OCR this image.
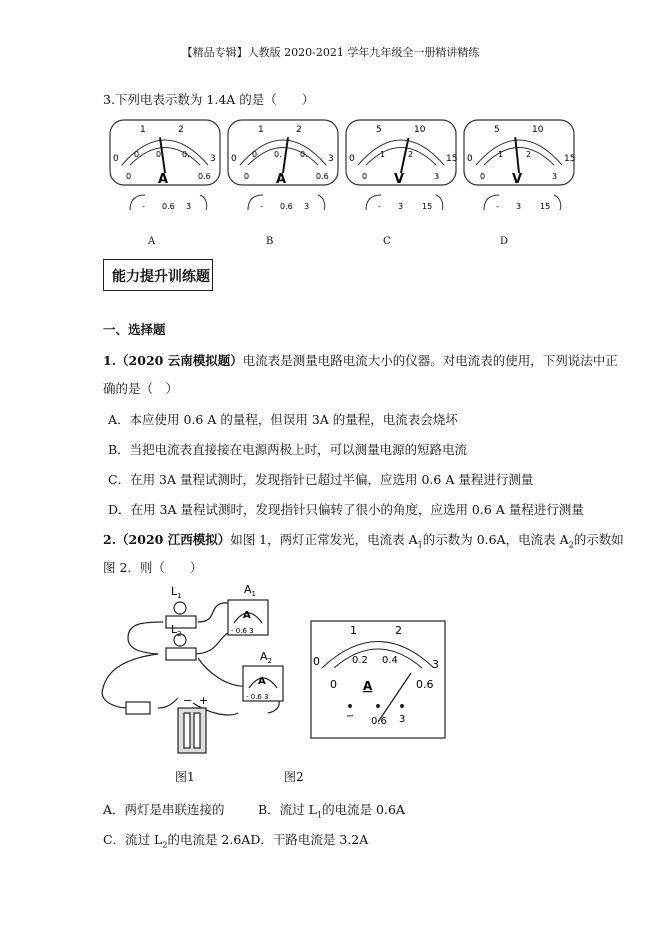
【精品专辑】人教版 2020-2021 学年九年级全一册精讲精练
3.下列电表示数为 1.4A 的是（　　）
1	2
0. 0. 0.
0	3
0	0.6
A
- 0.6 3
1	2
0. 0. 0.
0	3
0	0.6
A
- 0.6 3
5	10
1	2
0	15
0	3
V
- 3 15
5	10
1	2
0	15
0	3
V
- 3 15
A	B	C	D
能力提升训练题
一、选择题
1.（2020 云南模拟题）电流表是测量电路电流大小的仪器。对电流表的使用，下列说法中正
确的是（　）
A．本应使用 0.6 A 的量程，但误用 3A 的量程，电流表会烧坏
B．当把电流表直接接在电源两极上时，可以测量电源的短路电流
C．在用 3A 量程试测时，发现指针已超过半偏，应选用 0.6 A 量程进行测量
D．在用 3A 量程试测时，发现指针只偏转了很小的角度，应选用 0.6 A 量程进行测量
2.（2020 江西模拟）如图 1，两灯正常发光，电流表 $A_1$的示数为 0.6A，电流表 $A_2$的示数如
图 2．则（　　）
$L_1$
$L_2$
$A_1$
$A_2$
A
A
- 0.6 3
- 0.6 3
− +
1	2
0	3
0.2 0.4
0	0.6
A
− 0.6 3
图1	图2
A．两灯是串联连接的	B．流过 $L_1$的电流是 0.6A
C．流过 $L_2$的电流是 2.6AD．干路电流是 3.2A
